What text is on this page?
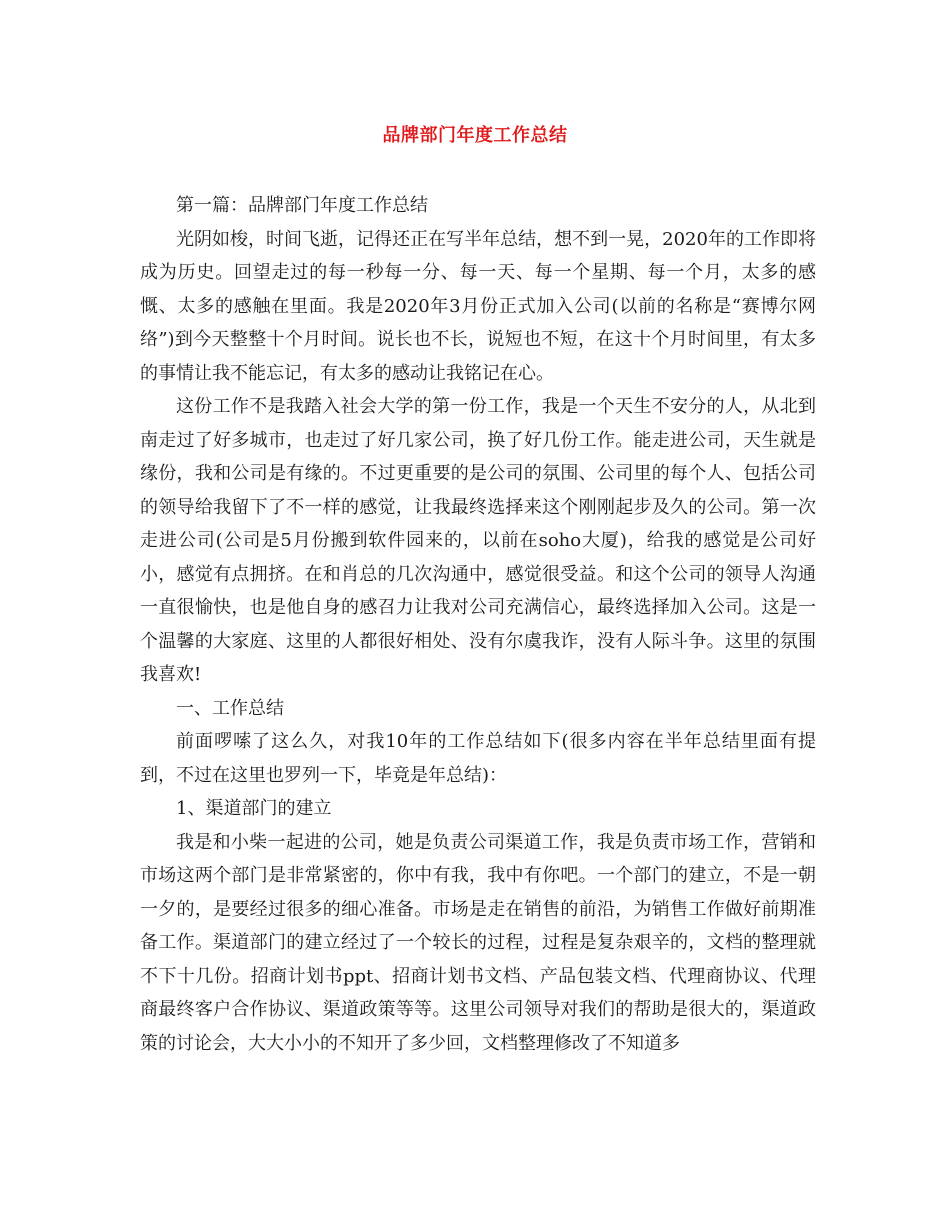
品牌部门年度工作总结

第一篇：品牌部门年度工作总结

光阴如梭，时间飞逝，记得还正在写半年总结，想不到一晃，2020年的工作即将成为历史。回望走过的每一秒每一分、每一天、每一个星期、每一个月，太多的感慨、太多的感触在里面。我是2020年3月份正式加入公司(以前的名称是“赛博尔网络”)到今天整整十个月时间。说长也不长，说短也不短，在这十个月时间里，有太多的事情让我不能忘记，有太多的感动让我铭记在心。

这份工作不是我踏入社会大学的第一份工作，我是一个天生不安分的人，从北到南走过了好多城市，也走过了好几家公司，换了好几份工作。能走进公司，天生就是缘份，我和公司是有缘的。不过更重要的是公司的氛围、公司里的每个人、包括公司的领导给我留下了不一样的感觉，让我最终选择来这个刚刚起步及久的公司。第一次走进公司(公司是5月份搬到软件园来的，以前在soho大厦)，给我的感觉是公司好小，感觉有点拥挤。在和肖总的几次沟通中，感觉很受益。和这个公司的领导人沟通一直很愉快，也是他自身的感召力让我对公司充满信心，最终选择加入公司。这是一个温馨的大家庭、这里的人都很好相处、没有尔虞我诈，没有人际斗争。这里的氛围我喜欢!

一、工作总结

前面啰嗦了这么久，对我10年的工作总结如下(很多内容在半年总结里面有提到，不过在这里也罗列一下，毕竟是年总结)：

1、渠道部门的建立

我是和小柴一起进的公司，她是负责公司渠道工作，我是负责市场工作，营销和市场这两个部门是非常紧密的，你中有我，我中有你吧。一个部门的建立，不是一朝一夕的，是要经过很多的细心准备。市场是走在销售的前沿，为销售工作做好前期准备工作。渠道部门的建立经过了一个较长的过程，过程是复杂艰辛的，文档的整理就不下十几份。招商计划书ppt、招商计划书文档、产品包装文档、代理商协议、代理商最终客户合作协议、渠道政策等等。这里公司领导对我们的帮助是很大的，渠道政策的讨论会，大大小小的不知开了多少回，文档整理修改了不知道多
